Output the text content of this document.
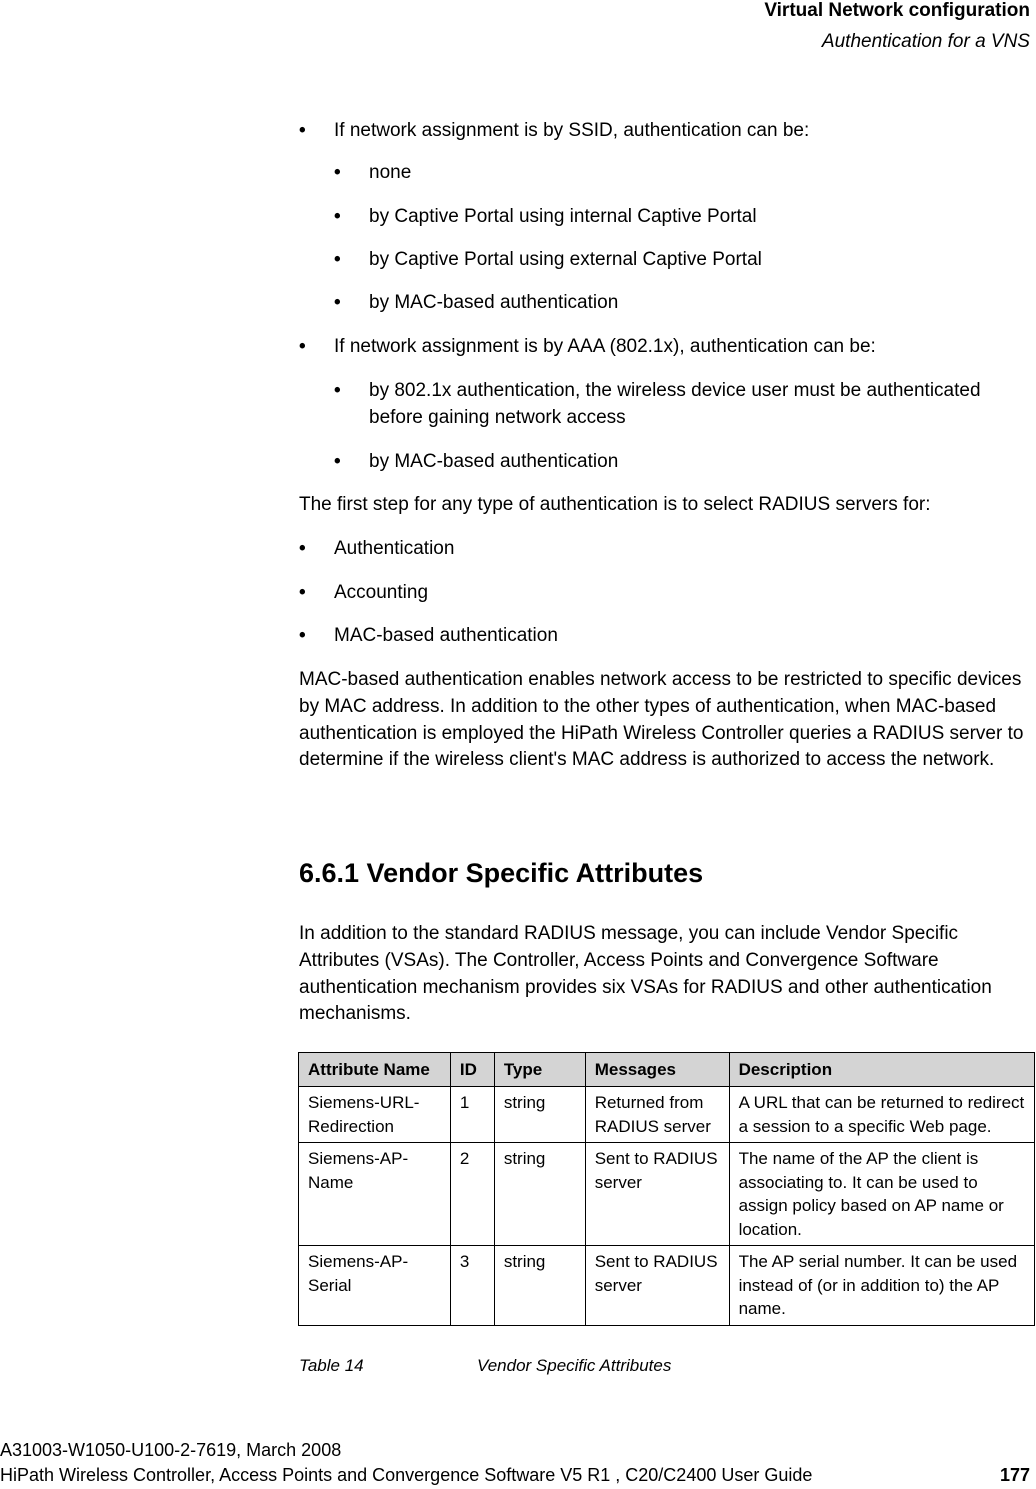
Virtual Network configuration
Authentication for a VNS
• If network assignment is by SSID, authentication can be:
• none
• by Captive Portal using internal Captive Portal
• by Captive Portal using external Captive Portal
• by MAC-based authentication
• If network assignment is by AAA (802.1x), authentication can be:
• by 802.1x authentication, the wireless device user must be authenticated
before gaining network access
• by MAC-based authentication
The first step for any type of authentication is to select RADIUS servers for:
• Authentication
• Accounting
• MAC-based authentication
MAC-based authentication enables network access to be restricted to specific devices by MAC address. In addition to the other types of authentication, when MAC-based authentication is employed the HiPath Wireless Controller queries a RADIUS server to determine if the wireless client's MAC address is authorized to access the network.
6.6.1 Vendor Specific Attributes
In addition to the standard RADIUS message, you can include Vendor Specific Attributes (VSAs). The Controller, Access Points and Convergence Software authentication mechanism provides six VSAs for RADIUS and other authentication mechanisms.
Attribute Name	ID	Type	Messages	Description
Siemens-URL-Redirection	1	string	Returned from RADIUS server	A URL that can be returned to redirect a session to a specific Web page.
Siemens-AP-Name	2	string	Sent to RADIUS server	The name of the AP the client is associating to. It can be used to assign policy based on AP name or location.
Siemens-AP-Serial	3	string	Sent to RADIUS server	The AP serial number. It can be used instead of (or in addition to) the AP name.
Table 14	Vendor Specific Attributes
A31003-W1050-U100-2-7619, March 2008
HiPath Wireless Controller, Access Points and Convergence Software V5 R1 , C20/C2400 User Guide	177
